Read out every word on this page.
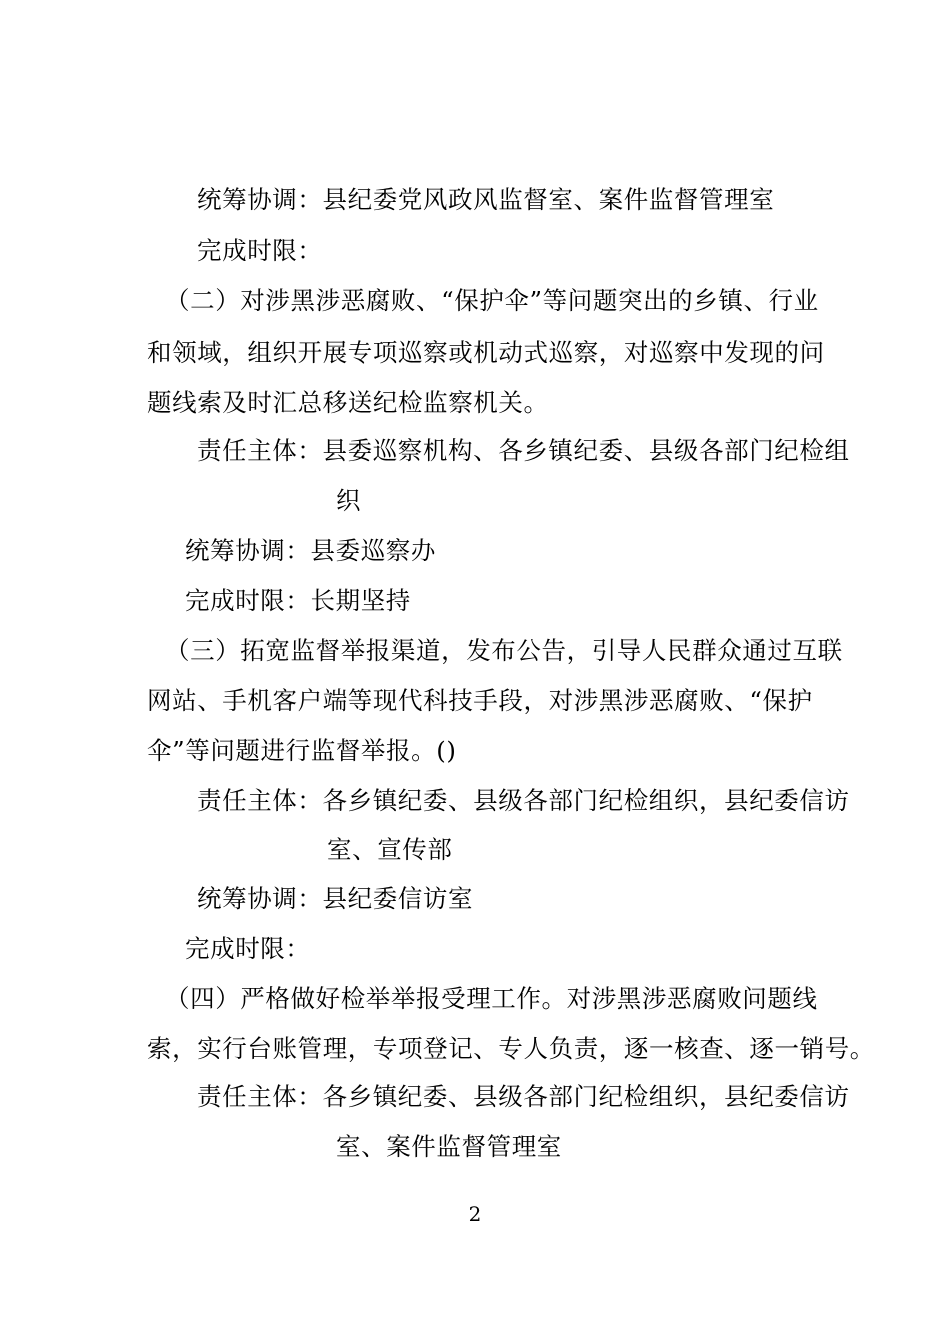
统筹协调：县纪委党风政风监督室、案件监督管理室
完成时限：
（二）对涉黑涉恶腐败、“保护伞”等问题突出的乡镇、行业
和领域，组织开展专项巡察或机动式巡察，对巡察中发现的问
题线索及时汇总移送纪检监察机关。
责任主体：县委巡察机构、各乡镇纪委、县级各部门纪检组
织
统筹协调：县委巡察办
完成时限：长期坚持
（三）拓宽监督举报渠道，发布公告，引导人民群众通过互联
网站、手机客户端等现代科技手段，对涉黑涉恶腐败、“保护
伞”等问题进行监督举报。()
责任主体：各乡镇纪委、县级各部门纪检组织，县纪委信访
室、宣传部
统筹协调：县纪委信访室
完成时限：
（四）严格做好检举举报受理工作。对涉黑涉恶腐败问题线
索，实行台账管理，专项登记、专人负责，逐一核查、逐一销号。
责任主体：各乡镇纪委、县级各部门纪检组织，县纪委信访
室、案件监督管理室
2
